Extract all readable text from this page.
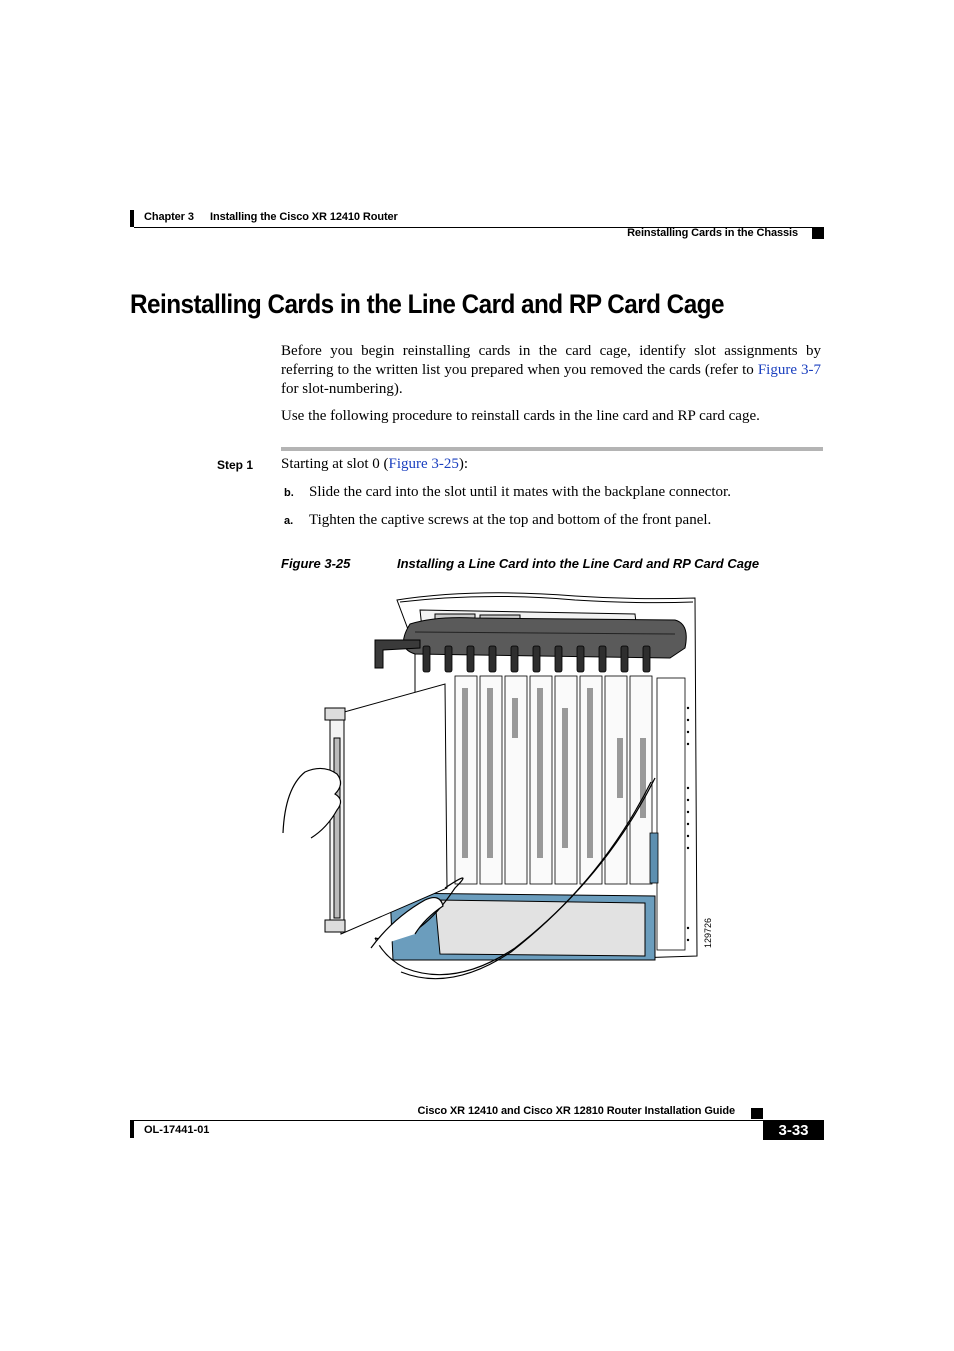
Chapter 3 Installing the Cisco XR 12410 Router
Reinstalling Cards in the Chassis
Reinstalling Cards in the Line Card and RP Card Cage
Before you begin reinstalling cards in the card cage, identify slot assignments by referring to the written list you prepared when you removed the cards (refer to Figure 3-7 for slot-numbering).
Use the following procedure to reinstall cards in the line card and RP card cage.
Step 1 Starting at slot 0 (Figure 3-25):
b. Slide the card into the slot until it mates with the backplane connector.
a. Tighten the captive screws at the top and bottom of the front panel.
Figure 3-25	Installing a Line Card into the Line Card and RP Card Cage
129726
Cisco XR 12410 and Cisco XR 12810 Router Installation Guide
OL-17441-01	3-33
